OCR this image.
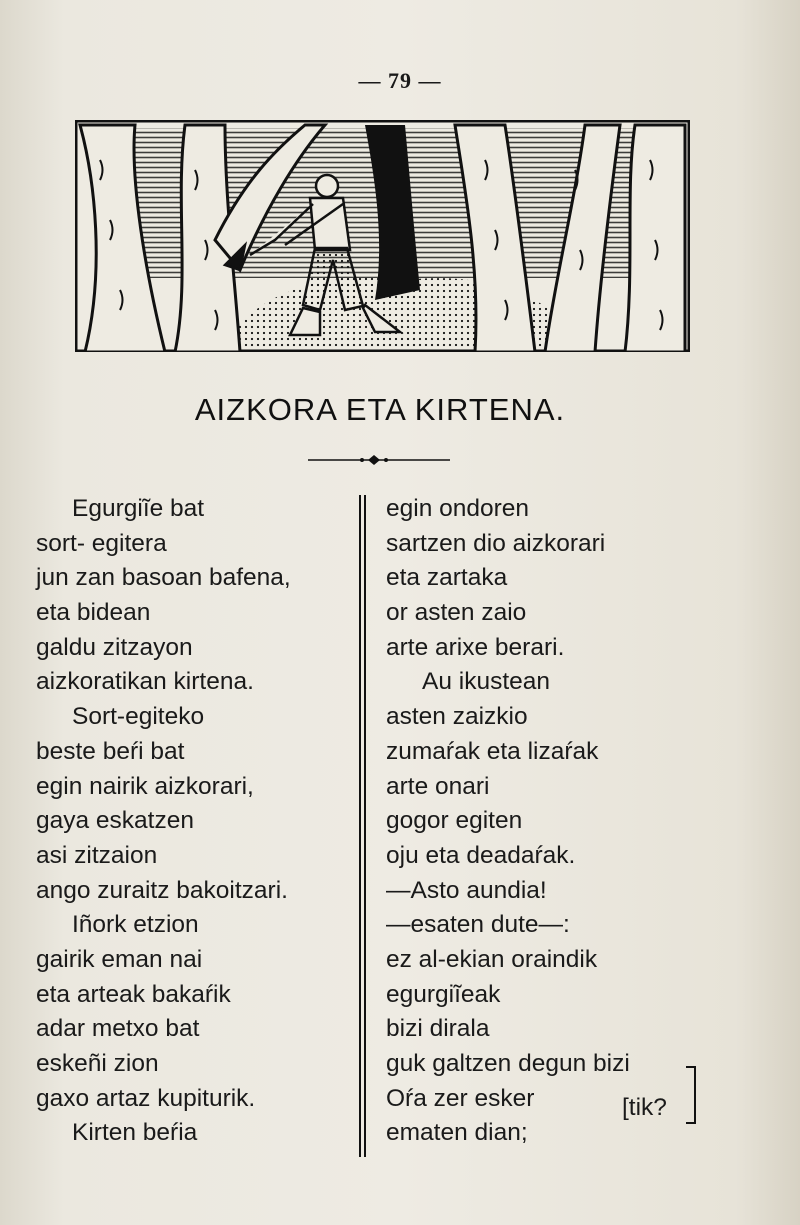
— 79 —
AIZKORA ETA KIRTENA.
Egurgiĩe bat
sort- egitera
jun zan basoan bafena,
eta bidean
galdu zitzayon
aizkoratikan kirtena.
Sort-egiteko
beste beŕi bat
egin nairik aizkorari,
gaya eskatzen
asi zitzaion
ango zuraitz bakoitzari.
Iñork etzion
gairik eman nai
eta arteak bakaŕik
adar metxo bat
eskeñi zion
gaxo artaz kupiturik.
Kirten beŕia
egin ondoren
sartzen dio aizkorari
eta zartaka
or asten zaio
arte arixe berari.
Au ikustean
asten zaizkio
zumaŕak eta lizaŕak
arte onari
gogor egiten
oju eta deadaŕak.
—Asto aundia!
—esaten dute—:
ez al-ekian oraindik
egurgiĩeak
bizi dirala
guk galtzen degun bizi
Oŕa zer esker
ematen dian;
[tik?
